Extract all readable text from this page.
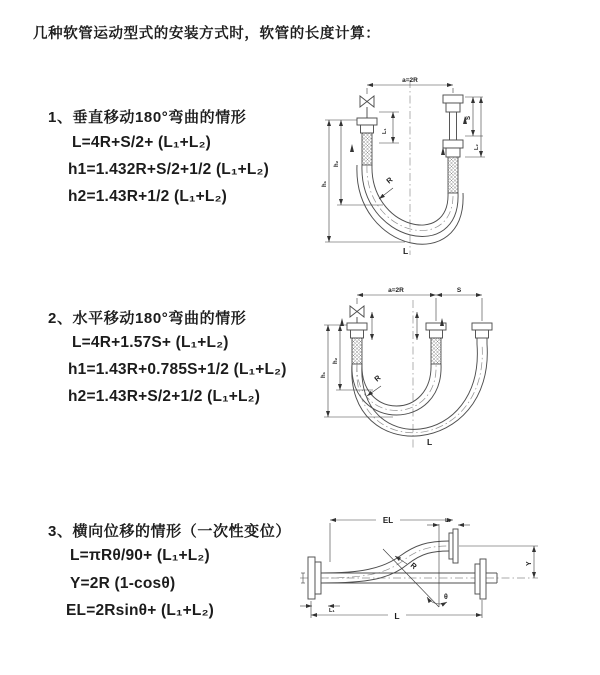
几种软管运动型式的安装方式时，软管的长度计算：
1、垂直移动180°弯曲的情形
L=4R+S/2+ (L₁+L₂)
h1=1.432R+S/2+1/2 (L₁+L₂)
h2=1.43R+1/2 (L₁+L₂)
2、水平移动180°弯曲的情形
L=4R+1.57S+ (L₁+L₂)
h1=1.43R+0.785S+1/2 (L₁+L₂)
h2=1.43R+S/2+1/2 (L₁+L₂)
3、横向位移的情形（一次性变位）
L=πRθ/90+ (L₁+L₂)
Y=2R (1-cosθ)
EL=2Rsinθ+ (L₁+L₂)
a=2R
h₁
h₂
L₁
S
L₂
R
L
a=2R	S
h₁
h₂
R
L
EL	L₂
Y
R
θ
L₁	L
